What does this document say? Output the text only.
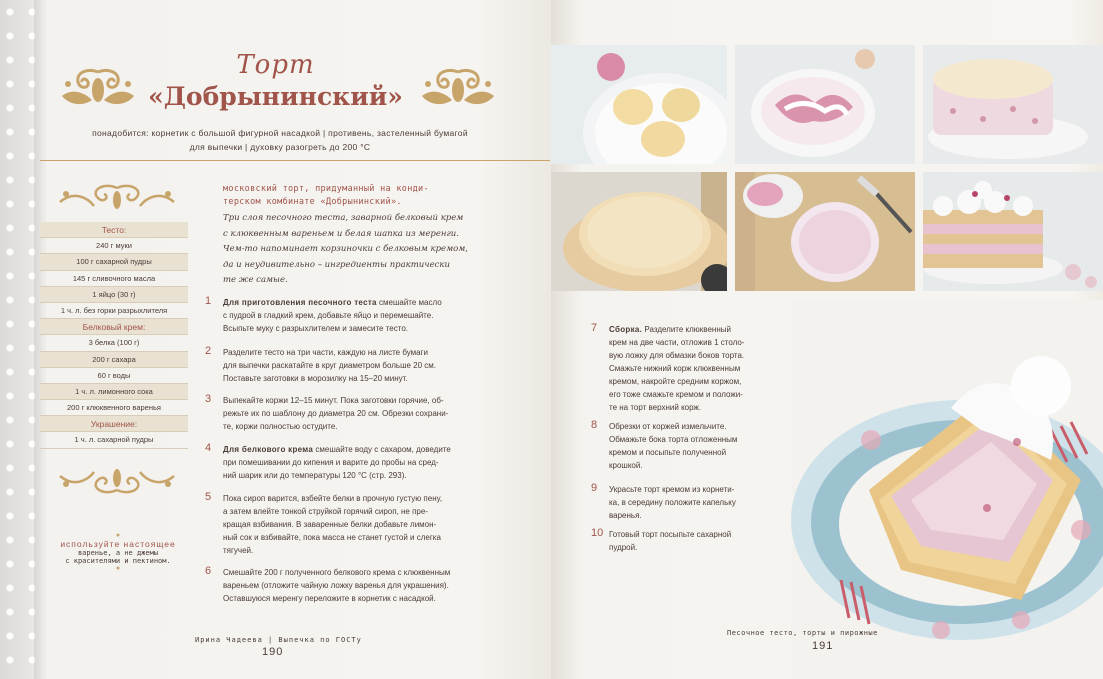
Торт
«Добрынинский»
понадобится: корнетик с большой фигурной насадкой | противень, застеленный бумагой
для выпечки | духовку разогреть до 200 °C
Тесто:
240 г муки
100 г сахарной пудры
145 г сливочного масла
1 яйцо (30 г)
1 ч. л. без горки разрыхлителя
Белковый крем:
3 белка (100 г)
200 г сахара
60 г воды
1 ч. л. лимонного сока
200 г клюквенного варенья
Украшение:
1 ч. л. сахарной пудры
●
используйте настоящее
варенье, а не джемы
с красителями и пектином.
●
московский торт, придуманный на конди-
терском комбинате «Добрынинский».
Три слоя песочного теста, заварной белковый крем
с клюквенным вареньем и белая шапка из меренги.
Чем-то напоминает корзиночки с белковым кремом,
да и неудивительно – ингредиенты практически
те же самые.
1 Для приготовления песочного теста смешайте масло
с пудрой в гладкий крем, добавьте яйцо и перемешайте.
Всыпьте муку с разрыхлителем и замесите тесто.
2 Разделите тесто на три части, каждую на листе бумаги
для выпечки раскатайте в круг диаметром больше 20 см.
Поставьте заготовки в морозилку на 15–20 минут.
3 Выпекайте коржи 12–15 минут. Пока заготовки горячие, об-
режьте их по шаблону до диаметра 20 см. Обрезки сохрани-
те, коржи полностью остудите.
4 Для белкового крема смешайте воду с сахаром, доведите
при помешивании до кипения и варите до пробы на сред-
ний шарик или до температуры 120 °C (стр. 293).
5 Пока сироп варится, взбейте белки в прочную густую пену,
а затем влейте тонкой струйкой горячий сироп, не пре-
кращая взбивания. В заваренные белки добавьте лимон-
ный сок и взбивайте, пока масса не станет густой и слегка
тягучей.
6 Смешайте 200 г полученного белкового крема с клюквенным
вареньем (отложите чайную ложку варенья для украшения).
Оставшуюся меренгу переложите в корнетик с насадкой.
Ирина Чадеева | Выпечка по ГОСТу
190
7 Сборка. Разделите клюквенный
крем на две части, отложив 1 столо-
вую ложку для обмазки боков торта.
Смажьте нижний корж клюквенным
кремом, накройте средним коржом,
его тоже смажьте кремом и положи-
те на торт верхний корж.
8 Обрезки от коржей измельчите.
Обмажьте бока торта отложенным
кремом и посыпьте полученной
крошкой.
9 Украсьте торт кремом из корнети-
ка, в середину положите капельку
варенья.
10 Готовый торт посыпьте сахарной
пудрой.
Песочное тесто, торты и пирожные
191
